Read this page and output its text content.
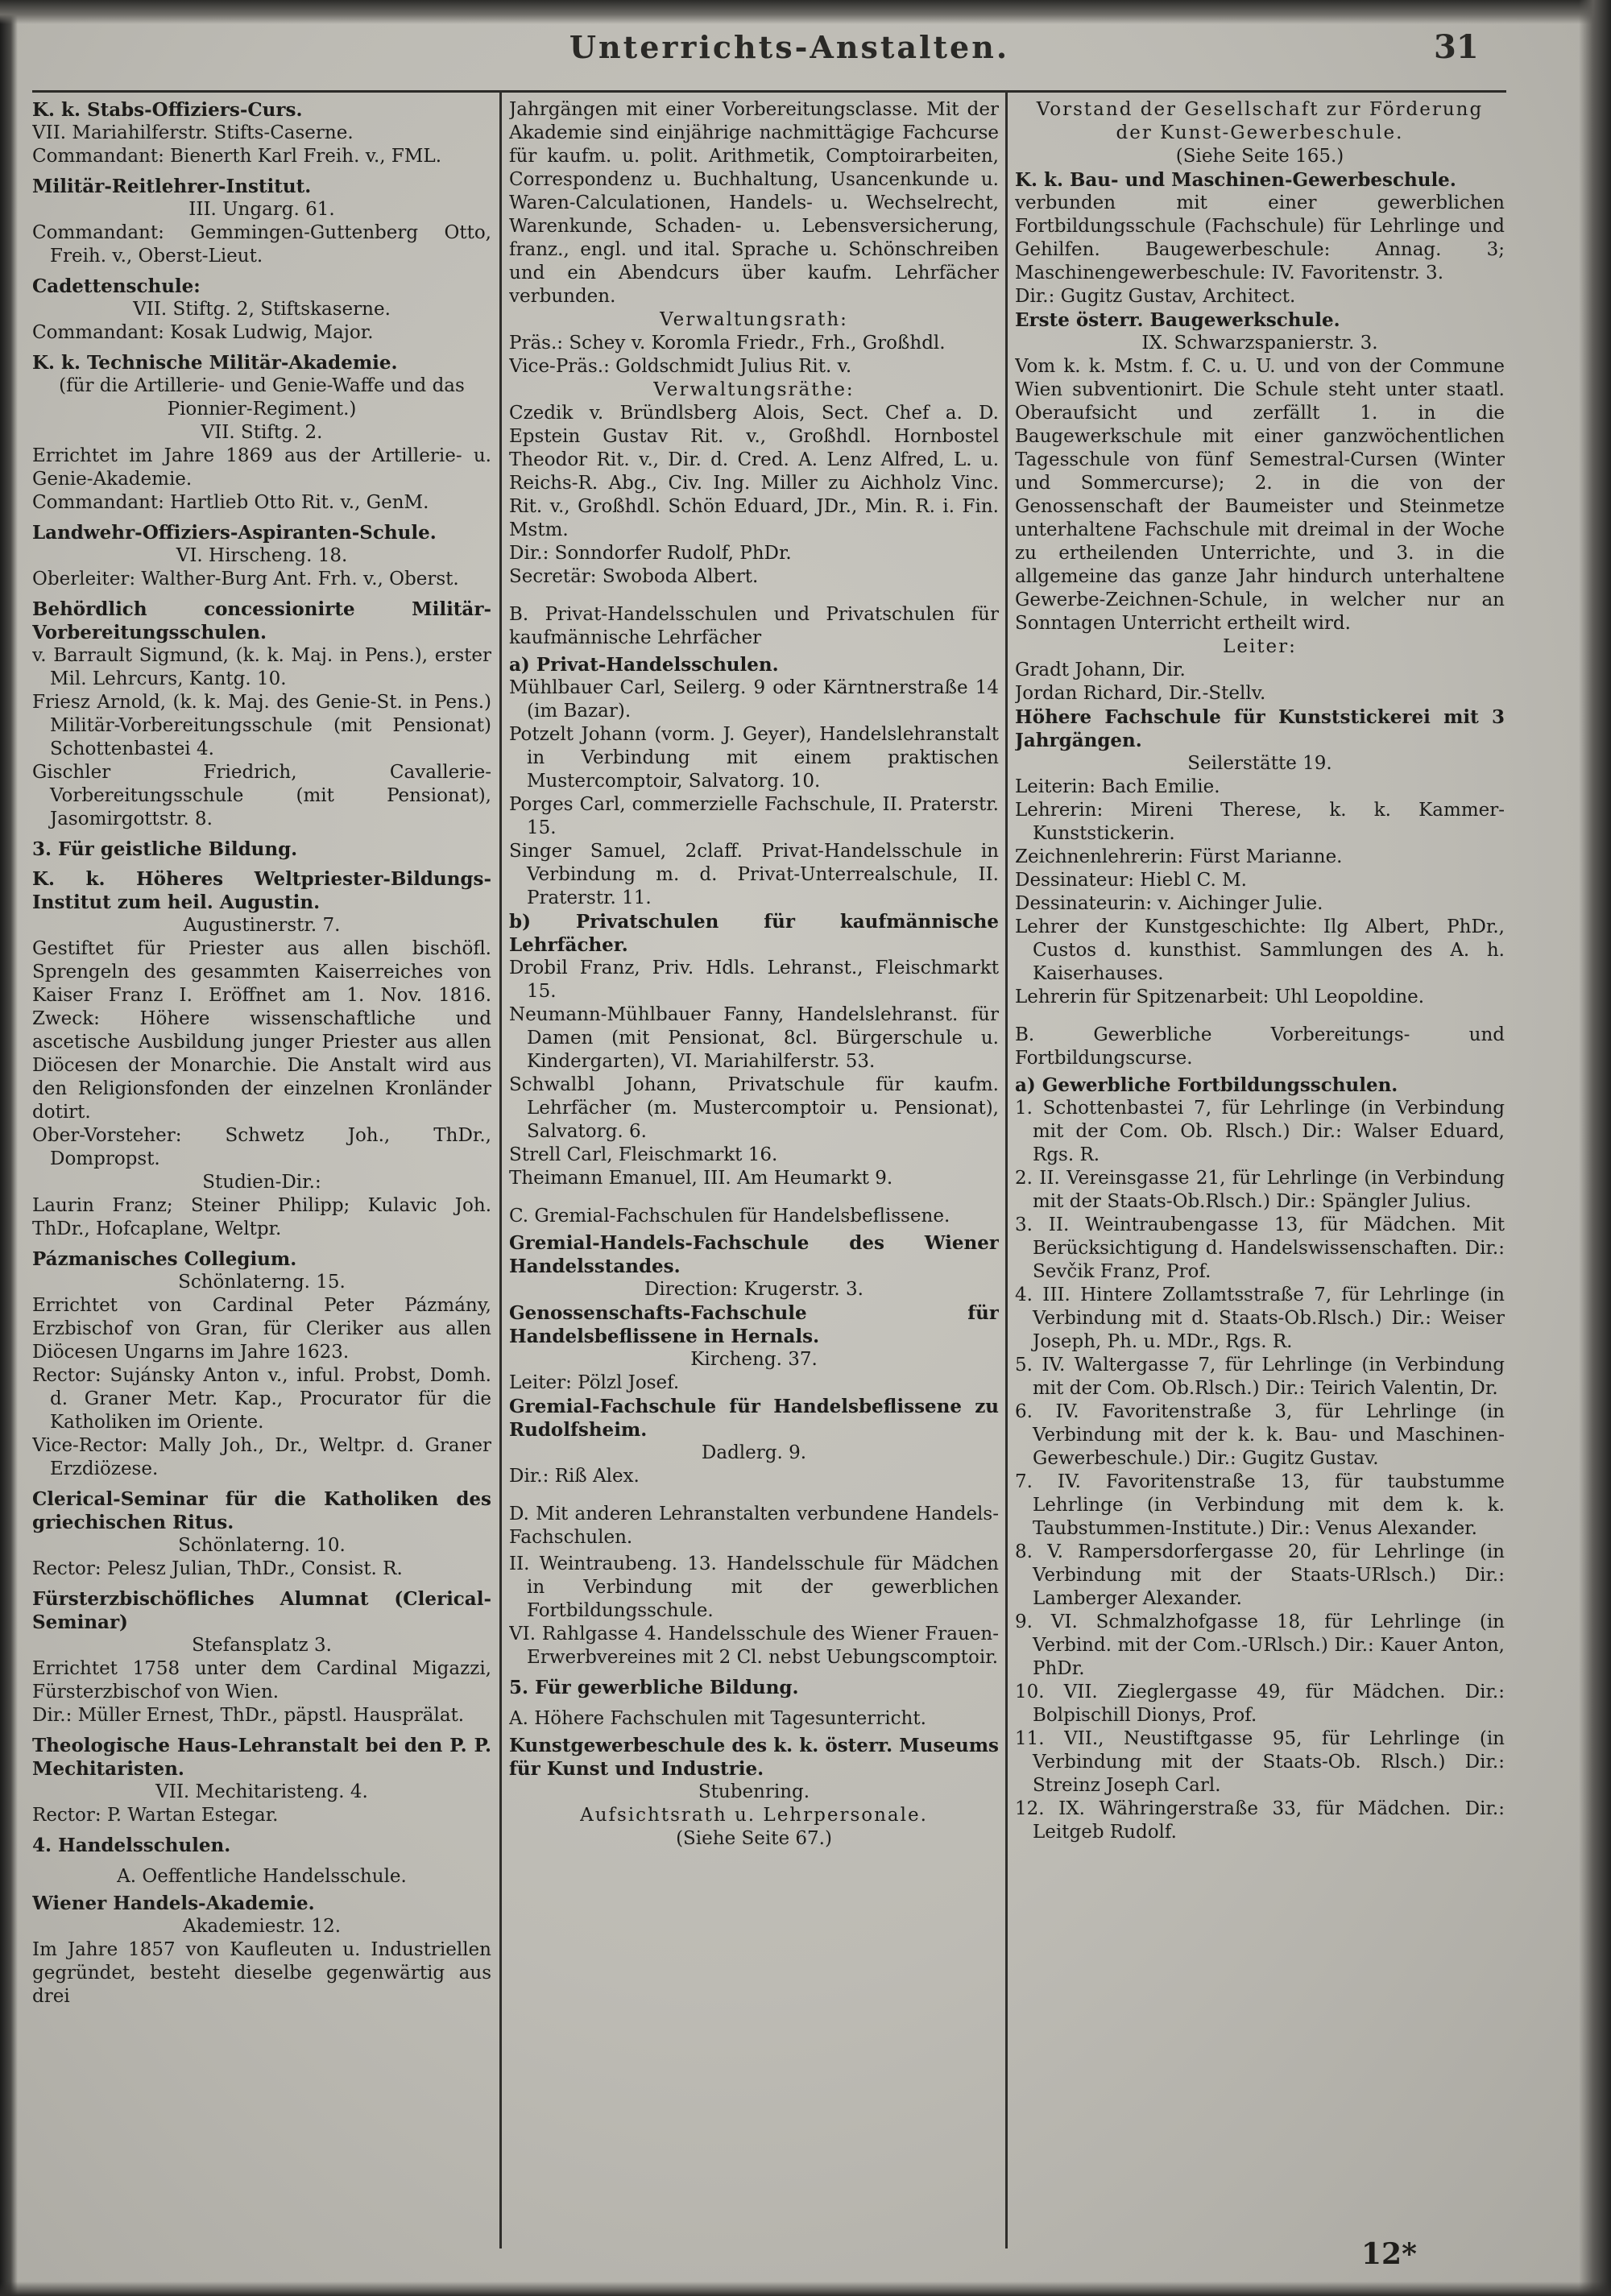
Unterrichts-Anstalten.	31

K. k. Stabs-Offiziers-Curs.

VII. Mariahilferstr. Stifts-Caserne.

Commandant: Bienerth Karl Freih. v., FML.

Militär-Reitlehrer-Institut.

III. Ungarg. 61.

Commandant: Gemmingen-Guttenberg Otto, Freih. v., Oberst-Lieut.

Cadettenschule:

VII. Stiftg. 2, Stiftskaserne.

Commandant: Kosak Ludwig, Major.

K. k. Technische Militär-Akademie.

(für die Artillerie- und Genie-Waffe und das Pionnier-Regiment.)

VII. Stiftg. 2.

Errichtet im Jahre 1869 aus der Artillerie- u. Genie-Akademie.

Commandant: Hartlieb Otto Rit. v., GenM.

Landwehr-Offiziers-Aspiranten-Schule.

VI. Hirscheng. 18.

Oberleiter: Walther-Burg Ant. Frh. v., Oberst.

Behördlich concessionirte Militär-Vorbereitungsschulen.

v. Barrault Sigmund, (k. k. Maj. in Pens.), erster Mil. Lehrcurs, Kantg. 10.

Friesz Arnold, (k. k. Maj. des Genie-St. in Pens.) Militär-Vorbereitungsschule (mit Pensionat) Schottenbastei 4.

Gischler Friedrich, Cavallerie-Vorbereitungsschule (mit Pensionat), Jasomirgottstr. 8.

3. Für geistliche Bildung.

K. k. Höheres Weltpriester-Bildungs-Institut zum heil. Augustin.

Augustinerstr. 7.

Gestiftet für Priester aus allen bischöfl. Sprengeln des gesammten Kaiserreiches von Kaiser Franz I. Eröffnet am 1. Nov. 1816. Zweck: Höhere wissenschaftliche und ascetische Ausbildung junger Priester aus allen Diöcesen der Monarchie. Die Anstalt wird aus den Religionsfonden der einzelnen Kronländer dotirt.

Ober-Vorsteher: Schwetz Joh., ThDr., Dompropst.

Studien-Dir.:

Laurin Franz; Steiner Philipp; Kulavic Joh. ThDr., Hofcaplane, Weltpr.

Pázmanisches Collegium.

Schönlaterng. 15.

Errichtet von Cardinal Peter Pázmány, Erzbischof von Gran, für Cleriker aus allen Diöcesen Ungarns im Jahre 1623.

Rector: Sujánsky Anton v., inful. Probst, Domh. d. Graner Metr. Kap., Procurator für die Katholiken im Oriente.

Vice-Rector: Mally Joh., Dr., Weltpr. d. Graner Erzdiözese.

Clerical-Seminar für die Katholiken des griechischen Ritus.

Schönlaterng. 10.

Rector: Pelesz Julian, ThDr., Consist. R.

Fürsterzbischöfliches Alumnat (Clerical-Seminar)

Stefansplatz 3.

Errichtet 1758 unter dem Cardinal Migazzi, Fürsterzbischof von Wien.

Dir.: Müller Ernest, ThDr., päpstl. Hausprälat.

Theologische Haus-Lehranstalt bei den P. P. Mechitaristen.

VII. Mechitaristeng. 4.

Rector: P. Wartan Estegar.

4. Handelsschulen.

A. Oeffentliche Handelsschule.

Wiener Handels-Akademie.

Akademiestr. 12.

Im Jahre 1857 von Kaufleuten u. Industriellen gegründet, besteht dieselbe gegenwärtig aus drei

Jahrgängen mit einer Vorbereitungsclasse. Mit der Akademie sind einjährige nachmittägige Fachcurse für kaufm. u. polit. Arithmetik, Comptoirarbeiten, Correspondenz u. Buchhaltung, Usancenkunde u. Waren-Calculationen, Handels- u. Wechselrecht, Warenkunde, Schaden- u. Lebensversicherung, franz., engl. und ital. Sprache u. Schönschreiben und ein Abendcurs über kaufm. Lehrfächer verbunden.

Verwaltungsrath:

Präs.: Schey v. Koromla Friedr., Frh., Großhdl.

Vice-Präs.: Goldschmidt Julius Rit. v.

Verwaltungsräthe:

Czedik v. Bründlsberg Alois, Sect. Chef a. D. Epstein Gustav Rit. v., Großhdl. Hornbostel Theodor Rit. v., Dir. d. Cred. A. Lenz Alfred, L. u. Reichs-R. Abg., Civ. Ing. Miller zu Aichholz Vinc. Rit. v., Großhdl. Schön Eduard, JDr., Min. R. i. Fin. Mstm.

Dir.: Sonndorfer Rudolf, PhDr.

Secretär: Swoboda Albert.

B. Privat-Handelsschulen und Privatschulen für kaufmännische Lehrfächer

a) Privat-Handelsschulen.

Mühlbauer Carl, Seilerg. 9 oder Kärntnerstraße 14 (im Bazar).

Potzelt Johann (vorm. J. Geyer), Handelslehranstalt in Verbindung mit einem praktischen Mustercomptoir, Salvatorg. 10.

Porges Carl, commerzielle Fachschule, II. Praterstr. 15.

Singer Samuel, 2claff. Privat-Handelsschule in Verbindung m. d. Privat-Unterrealschule, II. Praterstr. 11.

b) Privatschulen für kaufmännische Lehrfächer.

Drobil Franz, Priv. Hdls. Lehranst., Fleischmarkt 15.

Neumann-Mühlbauer Fanny, Handelslehranst. für Damen (mit Pensionat, 8cl. Bürgerschule u. Kindergarten), VI. Mariahilferstr. 53.

Schwalbl Johann, Privatschule für kaufm. Lehrfächer (m. Mustercomptoir u. Pensionat), Salvatorg. 6.

Strell Carl, Fleischmarkt 16.

Theimann Emanuel, III. Am Heumarkt 9.

C. Gremial-Fachschulen für Handelsbeflissene.

Gremial-Handels-Fachschule des Wiener Handelsstandes.

Direction: Krugerstr. 3.

Genossenschafts-Fachschule für Handelsbeflissene in Hernals.

Kircheng. 37.

Leiter: Pölzl Josef.

Gremial-Fachschule für Handelsbeflissene zu Rudolfsheim.

Dadlerg. 9.

Dir.: Riß Alex.

D. Mit anderen Lehranstalten verbundene Handels-Fachschulen.

II. Weintraubeng. 13. Handelsschule für Mädchen in Verbindung mit der gewerblichen Fortbildungsschule.

VI. Rahlgasse 4. Handelsschule des Wiener Frauen-Erwerbvereines mit 2 Cl. nebst Uebungscomptoir.

5. Für gewerbliche Bildung.

A. Höhere Fachschulen mit Tagesunterricht.

Kunstgewerbeschule des k. k. österr. Museums für Kunst und Industrie.

Stubenring.

Aufsichtsrath u. Lehrpersonale.

(Siehe Seite 67.)

Vorstand der Gesellschaft zur Förderung der Kunst-Gewerbeschule.

(Siehe Seite 165.)

K. k. Bau- und Maschinen-Gewerbeschule.

verbunden mit einer gewerblichen Fortbildungsschule (Fachschule) für Lehrlinge und Gehilfen. Baugewerbeschule: Annag. 3; Maschinengewerbeschule: IV. Favoritenstr. 3.

Dir.: Gugitz Gustav, Architect.

Erste österr. Baugewerkschule.

IX. Schwarzspanierstr. 3.

Vom k. k. Mstm. f. C. u. U. und von der Commune Wien subventionirt. Die Schule steht unter staatl. Oberaufsicht und zerfällt 1. in die Baugewerkschule mit einer ganzwöchentlichen Tagesschule von fünf Semestral-Cursen (Winter und Sommercurse); 2. in die von der Genossenschaft der Baumeister und Steinmetze unterhaltene Fachschule mit dreimal in der Woche zu ertheilenden Unterrichte, und 3. in die allgemeine das ganze Jahr hindurch unterhaltene Gewerbe-Zeichnen-Schule, in welcher nur an Sonntagen Unterricht ertheilt wird.

Leiter:

Gradt Johann, Dir.

Jordan Richard, Dir.-Stellv.

Höhere Fachschule für Kunststickerei mit 3 Jahrgängen.

Seilerstätte 19.

Leiterin: Bach Emilie.

Lehrerin: Mireni Therese, k. k. Kammer-Kunststickerin.

Zeichnenlehrerin: Fürst Marianne.

Dessinateur: Hiebl C. M.

Dessinateurin: v. Aichinger Julie.

Lehrer der Kunstgeschichte: Ilg Albert, PhDr., Custos d. kunsthist. Sammlungen des A. h. Kaiserhauses.

Lehrerin für Spitzenarbeit: Uhl Leopoldine.

B. Gewerbliche Vorbereitungs- und Fortbildungscurse.

a) Gewerbliche Fortbildungsschulen.

1. Schottenbastei 7, für Lehrlinge (in Verbindung mit der Com. Ob. Rlsch.) Dir.: Walser Eduard, Rgs. R.

2. II. Vereinsgasse 21, für Lehrlinge (in Verbindung mit der Staats-Ob.Rlsch.) Dir.: Spängler Julius.

3. II. Weintraubengasse 13, für Mädchen. Mit Berücksichtigung d. Handelswissenschaften. Dir.: Sevčik Franz, Prof.

4. III. Hintere Zollamtsstraße 7, für Lehrlinge (in Verbindung mit d. Staats-Ob.Rlsch.) Dir.: Weiser Joseph, Ph. u. MDr., Rgs. R.

5. IV. Waltergasse 7, für Lehrlinge (in Verbindung mit der Com. Ob.Rlsch.) Dir.: Teirich Valentin, Dr.

6. IV. Favoritenstraße 3, für Lehrlinge (in Verbindung mit der k. k. Bau- und Maschinen-Gewerbeschule.) Dir.: Gugitz Gustav.

7. IV. Favoritenstraße 13, für taubstumme Lehrlinge (in Verbindung mit dem k. k. Taubstummen-Institute.) Dir.: Venus Alexander.

8. V. Rampersdorfergasse 20, für Lehrlinge (in Verbindung mit der Staats-URlsch.) Dir.: Lamberger Alexander.

9. VI. Schmalzhofgasse 18, für Lehrlinge (in Verbind. mit der Com.-URlsch.) Dir.: Kauer Anton, PhDr.

10. VII. Zieglergasse 49, für Mädchen. Dir.: Bolpischill Dionys, Prof.

11. VII., Neustiftgasse 95, für Lehrlinge (in Verbindung mit der Staats-Ob. Rlsch.) Dir.: Streinz Joseph Carl.

12. IX. Währingerstraße 33, für Mädchen. Dir.: Leitgeb Rudolf.

12*
